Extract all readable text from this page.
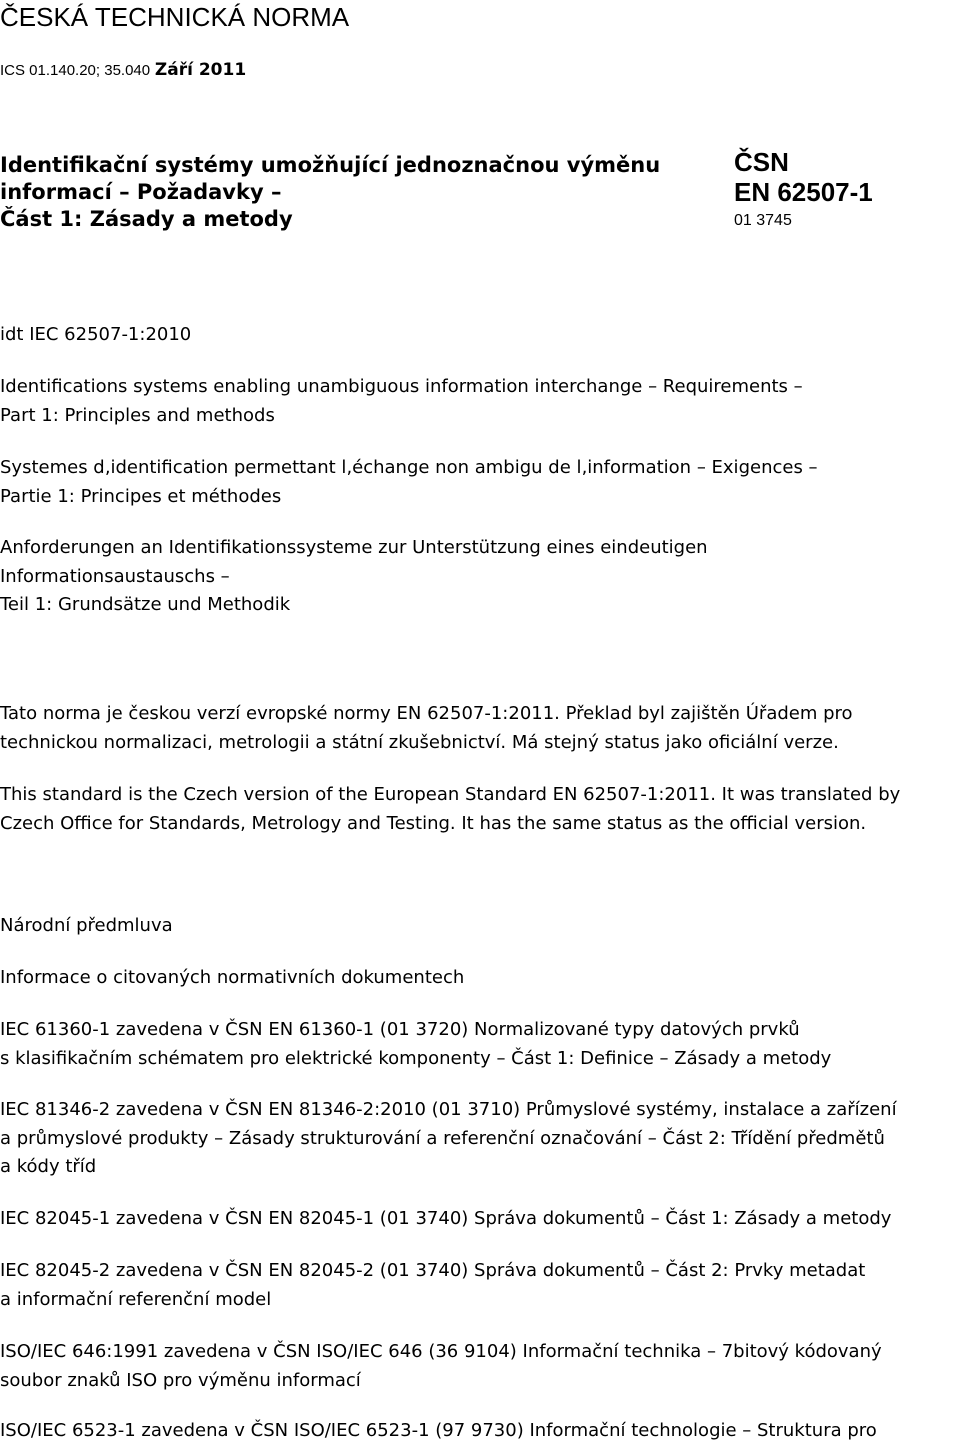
ČESKÁ TECHNICKÁ NORMA
ICS 01.140.20; 35.040 Září 2011
Identifikační systémy umožňující jednoznačnou výměnu
informací – Požadavky –
Část 1: Zásady a metody
ČSN
EN 62507-1
01 3745
idt IEC 62507-1:2010
Identifications systems enabling unambiguous information interchange – Requirements –
Part 1: Principles and methods
Systemes d‚identification permettant l‚échange non ambigu de l‚information – Exigences –
Partie 1: Principes et méthodes
Anforderungen an Identifikationssysteme zur Unterstützung eines eindeutigen
Informationsaustauschs –
Teil 1: Grundsätze und Methodik
Tato norma je českou verzí evropské normy EN 62507-1:2011. Překlad byl zajištěn Úřadem pro
technickou normalizaci, metrologii a státní zkušebnictví. Má stejný status jako oficiální verze.
This standard is the Czech version of the European Standard EN 62507-1:2011. It was translated by
Czech Office for Standards, Metrology and Testing. It has the same status as the official version.
Národní předmluva
Informace o citovaných normativních dokumentech
IEC 61360-1 zavedena v ČSN EN 61360-1 (01 3720) Normalizované typy datových prvků
s klasifikačním schématem pro elektrické komponenty – Část 1: Definice – Zásady a metody
IEC 81346-2 zavedena v ČSN EN 81346-2:2010 (01 3710) Průmyslové systémy, instalace a zařízení
a průmyslové produkty – Zásady strukturování a referenční označování – Část 2: Třídění předmětů
a kódy tříd
IEC 82045-1 zavedena v ČSN EN 82045-1 (01 3740) Správa dokumentů – Část 1: Zásady a metody
IEC 82045-2 zavedena v ČSN EN 82045-2 (01 3740) Správa dokumentů – Část 2: Prvky metadat
a informační referenční model
ISO/IEC 646:1991 zavedena v ČSN ISO/IEC 646 (36 9104) Informační technika – 7bitový kódovaný
soubor znaků ISO pro výměnu informací
ISO/IEC 6523-1 zavedena v ČSN ISO/IEC 6523-1 (97 9730) Informační technologie – Struktura pro
